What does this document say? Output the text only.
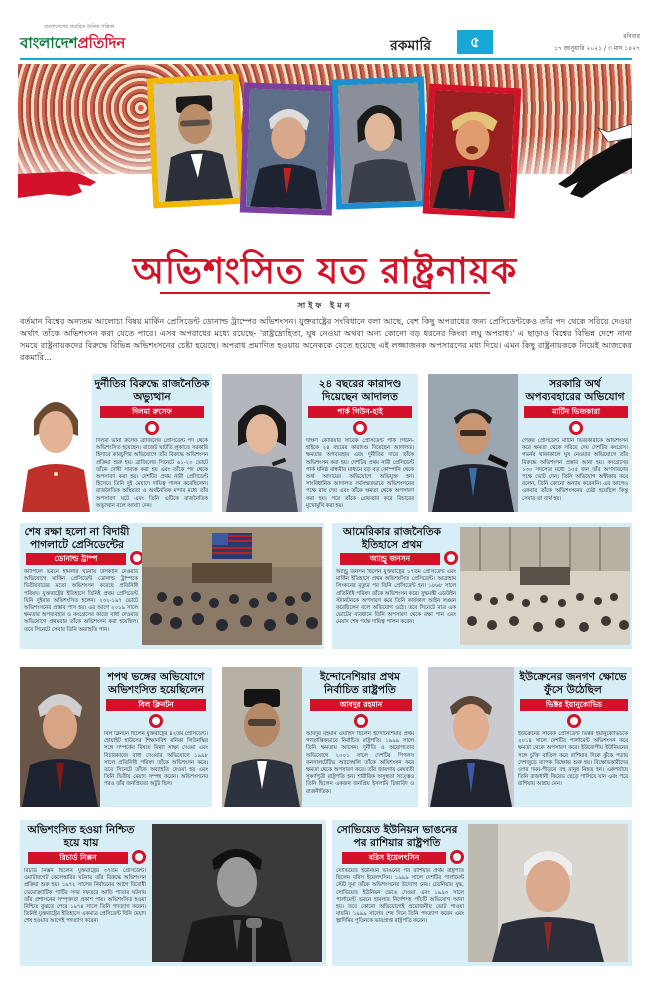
বাংলাদেশের প্রচারিত দৈনিক পত্রিকা
বাংলাদেশপ্রতিদিন	রকমারি	৫	রবিবার
১৭ জানুয়ারি ২০২১ / ৩ মাঘ ১৪২৭
অভিশংসিত যত রাষ্ট্রনায়ক
সাইফ ইমন
বর্তমান বিশ্বের অন্যতম আলোচ্য বিষয় মার্কিন প্রেসিডেন্ট ডোনাল্ড ট্রাম্পের অভিশংসন। যুক্তরাষ্ট্রের সংবিধানে বলা আছে, বেশ কিছু অপরাধের জন্য প্রেসিডেন্টকেও তাঁর পদ থেকে সরিয়ে দেওয়া অর্থাৎ তাঁকে অভিশংসন করা যেতে পারে। এসব অপরাধের মধ্যে রয়েছে- 'রাষ্ট্রদ্রোহিতা, ঘুষ নেওয়া অথবা অন্য কোনো বড় ধরনের কিংবা লঘু অপরাধ।' এ ছাড়াও বিশ্বের বিভিন্ন দেশে নানা সময়ে রাষ্ট্রনায়কদের বিরুদ্ধে বিভিন্ন অভিশংসনের চেষ্টা হয়েছে। অপরাধ প্রমাণিত হওয়ায় অনেককে যেতে হয়েছে এই লজ্জাজনক অপসারণের মধ্য দিয়ে। এমন কিছু রাষ্ট্রনায়ককে নিয়েই আজকের রকমারি...
দুর্নীতির বিরুদ্ধে রাজনৈতিক অভ্যুত্থান
দিলমা রুসেফ
দিলমা ভানা রুসেফ ব্রাজিলের প্রেসিডেন্ট পদ থেকে অভিশংসিত হয়েছেন। বাজেট ঘাটতি লুকাতে সরকারি হিসাবে কারচুপির অভিযোগে তাঁর বিরুদ্ধে অভিশংসন প্রক্রিয়া শুরু হয়। ব্রাজিলের সিনেটে ৬১-২০ ভোটে তাঁকে দোষী সাব্যস্ত করা হয় এবং তাঁকে পদ থেকে অপসারণ করা হয়। দেশটির প্রথম নারী প্রেসিডেন্ট হিসেবে তিনি দুই মেয়াদে দায়িত্ব পালন করেছিলেন। রাজনৈতিক অস্থিরতা ও অর্থনৈতিক মন্দার মধ্যে তাঁর অপসারণ ঘটে এবং তিনি এটিকে রাজনৈতিক অভ্যুত্থান বলে আখ্যা দেন।
২৪ বছরের কারাদণ্ড দিয়েছেন আদালত
পার্ক গিউন-হাই
দক্ষিণ কোরিয়ার সাবেক প্রেসিডেন্ট পার্ক গিউন-হাইকে ২৪ বছরের কারাদণ্ড দিয়েছেন আদালত। ক্ষমতার অপব্যবহার এবং দুর্নীতির দায়ে তাঁকে অভিশংসন করা হয়। দেশটির প্রথম নারী প্রেসিডেন্ট পার্ক ঘনিষ্ঠ বান্ধবীর মাধ্যমে বড় বড় কোম্পানি থেকে অর্থ আদায়ের অভিযোগে অভিযুক্ত হন। সাংবিধানিক আদালত সর্বসম্মতভাবে অভিশংসনের পক্ষে রায় দেয় এবং তাঁকে ক্ষমতা থেকে অপসারণ করা হয়। পরে তাঁকে গ্রেফতার করে বিচারের মুখোমুখি করা হয়।
সরকারি অর্থ অপব্যবহারের অভিযোগ
মার্টিন ভিজকারা
পেরুর প্রেসিডেন্ট মার্টিন ভিজকারাকে অভিশংসন করে ক্ষমতা থেকে সরিয়ে দেয় দেশটির কংগ্রেস। গভর্নর থাকাকালে ঘুষ নেওয়ার অভিযোগে তাঁর বিরুদ্ধে অভিশংসন প্রস্তাব আনা হয়। কংগ্রেসের ১৩০ সদস্যের মধ্যে ১০৫ জন তাঁর অপসারণের পক্ষে ভোট দেন। তিনি অভিযোগ অস্বীকার করে বলেন, তিনি কোনো অন্যায় করেননি। এর আগেও একবার তাঁকে অভিশংসনের চেষ্টা হয়েছিল কিন্তু সেবার তা ব্যর্থ হয়।
শেষ রক্ষা হলো না বিদায়ী পাগলাটে প্রেসিডেন্টের
ডোনাল্ড ট্রাম্প
ক্যাপিটল ভবনে হামলার ঘটনায় উসকানি দেওয়ার অভিযোগে মার্কিন প্রেসিডেন্ট ডোনাল্ড ট্রাম্পকে দ্বিতীয়বারের মতো অভিশংসন করেছে প্রতিনিধি পরিষদ। যুক্তরাষ্ট্রের ইতিহাসে তিনিই প্রথম প্রেসিডেন্ট যিনি দুইবার অভিশংসিত হলেন। ২৩২-১৯৭ ভোটে অভিশংসনের প্রস্তাব পাস হয়। এর আগে ২০১৯ সালে ক্ষমতার অপব্যবহার ও কংগ্রেসের কাজে বাধা দেওয়ার অভিযোগে প্রথমবার তাঁকে অভিশংসন করা হয়েছিল। তবে সিনেটে সেবার তিনি অব্যাহতি পান।
আমেরিকার রাজনৈতিক ইতিহাসে প্রথম
অ্যান্ড্রু জনসন
অ্যান্ড্রু জনসন ছিলেন যুক্তরাষ্ট্রের ১৭তম প্রেসিডেন্ট এবং মার্কিন ইতিহাসে প্রথম অভিশংসিত প্রেসিডেন্ট। আব্রাহাম লিংকনের মৃত্যুর পর তিনি প্রেসিডেন্ট হন। ১৮৬৮ সালে প্রতিনিধি পরিষদ তাঁকে অভিশংসন করে। যুদ্ধমন্ত্রী এডউইন স্ট্যানটনকে অপসারণ করে তিনি কার্যকাল আইন লঙ্ঘন করেছিলেন বলে অভিযোগ ওঠে। তবে সিনেটে মাত্র এক ভোটের ব্যবধানে তিনি অপসারণ থেকে রক্ষা পান এবং মেয়াদ শেষ পর্যন্ত দায়িত্ব পালন করেন।
শপথ ভঙ্গের অভিযোগে অভিশংসিত হয়েছিলেন
বিল ক্লিনটন
বিল ক্লিনটন ছিলেন যুক্তরাষ্ট্রের ৪২তম প্রেসিডেন্ট। হোয়াইট হাউসের শিক্ষানবিশ মনিকা লিউনস্কির সঙ্গে সম্পর্কের বিষয়ে মিথ্যা সাক্ষ্য দেওয়া এবং বিচারকাজে বাধা দেওয়ার অভিযোগে ১৯৯৮ সালে প্রতিনিধি পরিষদ তাঁকে অভিশংসন করে। তবে সিনেটে তাঁকে অব্যাহতি দেওয়া হয় এবং তিনি দ্বিতীয় মেয়াদ সম্পন্ন করেন। অভিশংসনের পরও তাঁর জনপ্রিয়তা অটুট ছিল।
ইন্দোনেশিয়ার প্রথম নির্বাচিত রাষ্ট্রপতি
আবদুর রহমান
আবদুর রহমান ওয়াহিদ ছিলেন ইন্দোনেশিয়ার প্রথম গণতান্ত্রিকভাবে নির্বাচিত রাষ্ট্রপতি। ১৯৯৯ সালে তিনি ক্ষমতায় আসেন। দুর্নীতি ও অযোগ্যতার অভিযোগে ২০০১ সালে দেশটির পিপলস কনসালটেটিভ অ্যাসেম্বলি তাঁকে অভিশংসন করে ক্ষমতা থেকে অপসারণ করে। তাঁর জায়গায় মেঘবতী সুকর্ণপুত্রী রাষ্ট্রপতি হন। শারীরিক অসুস্থতা সত্ত্বেও তিনি ছিলেন একজন জনপ্রিয় ইসলামি চিন্তাবিদ ও রাজনীতিক।
ইউক্রেনের জনগণ ক্ষোভে ফুঁসে উঠেছিল
ভিক্টর ইয়ানুকোভিচ
ইউক্রেনের সাবেক প্রেসিডেন্ট ভিক্টর ইয়ানুকোভিচকে ২০১৪ সালে দেশটির পার্লামেন্ট অভিশংসন করে ক্ষমতা থেকে অপসারণ করে। ইউরোপীয় ইউনিয়নের সঙ্গে চুক্তি বাতিল করে রাশিয়ার দিকে ঝুঁকে পড়ায় দেশজুড়ে ব্যাপক বিক্ষোভ শুরু হয়। বিক্ষোভকারীদের ওপর দমন-পীড়নে বহু মানুষ নিহত হন। একপর্যায়ে তিনি রাজধানী কিয়েভ ছেড়ে পালিয়ে যান এবং পরে রাশিয়ায় আশ্রয় নেন।
অভিশংসিত হওয়া নিশ্চিত হয়ে যায়
রিচার্ড নিক্সন
রিচার্ড নিক্সন ছিলেন যুক্তরাষ্ট্রের ৩৭তম প্রেসিডেন্ট। ওয়াটারগেট কেলেঙ্কারির ঘটনায় তাঁর বিরুদ্ধে অভিশংসন প্রক্রিয়া শুরু হয়। ১৯৭২ সালের নির্বাচনের আগে বিরোধী ডেমোক্র্যাটিক পার্টির সদর দফতরে আড়ি পাতার ঘটনায় তাঁর প্রশাসনের সম্পৃক্ততা প্রকাশ পায়। অভিশংসিত হওয়া নিশ্চিত বুঝতে পেরে ১৯৭৪ সালে তিনি পদত্যাগ করেন। তিনিই যুক্তরাষ্ট্রের ইতিহাসে একমাত্র প্রেসিডেন্ট যিনি মেয়াদ শেষ হওয়ার আগেই পদত্যাগ করেন।
সোভিয়েত ইউনিয়ন ভাঙনের পর রাশিয়ার রাষ্ট্রপতি
বরিস ইয়েলৎসিন
সোভিয়েত ইউনিয়ন ভাঙনের পর রাশিয়ার প্রথম রাষ্ট্রপতি ছিলেন বরিস ইয়েলৎসিন। ১৯৯৯ সালে দেশটির পার্লামেন্ট স্টেট দুমা তাঁকে অভিশংসনের উদ্যোগ নেয়। চেচনিয়ায় যুদ্ধ, সোভিয়েত ইউনিয়ন ভেঙে দেওয়া এবং ১৯৯৩ সালে পার্লামেন্ট ভবনে হামলার নির্দেশসহ পাঁচটি অভিযোগ আনা হয়। তবে কোনো অভিযোগেই প্রয়োজনীয় ভোট পাওয়া যায়নি। ১৯৯৯ সালের শেষ দিনে তিনি পদত্যাগ করেন এবং ভ্লাদিমির পুতিনকে ভারপ্রাপ্ত রাষ্ট্রপতি করেন।
